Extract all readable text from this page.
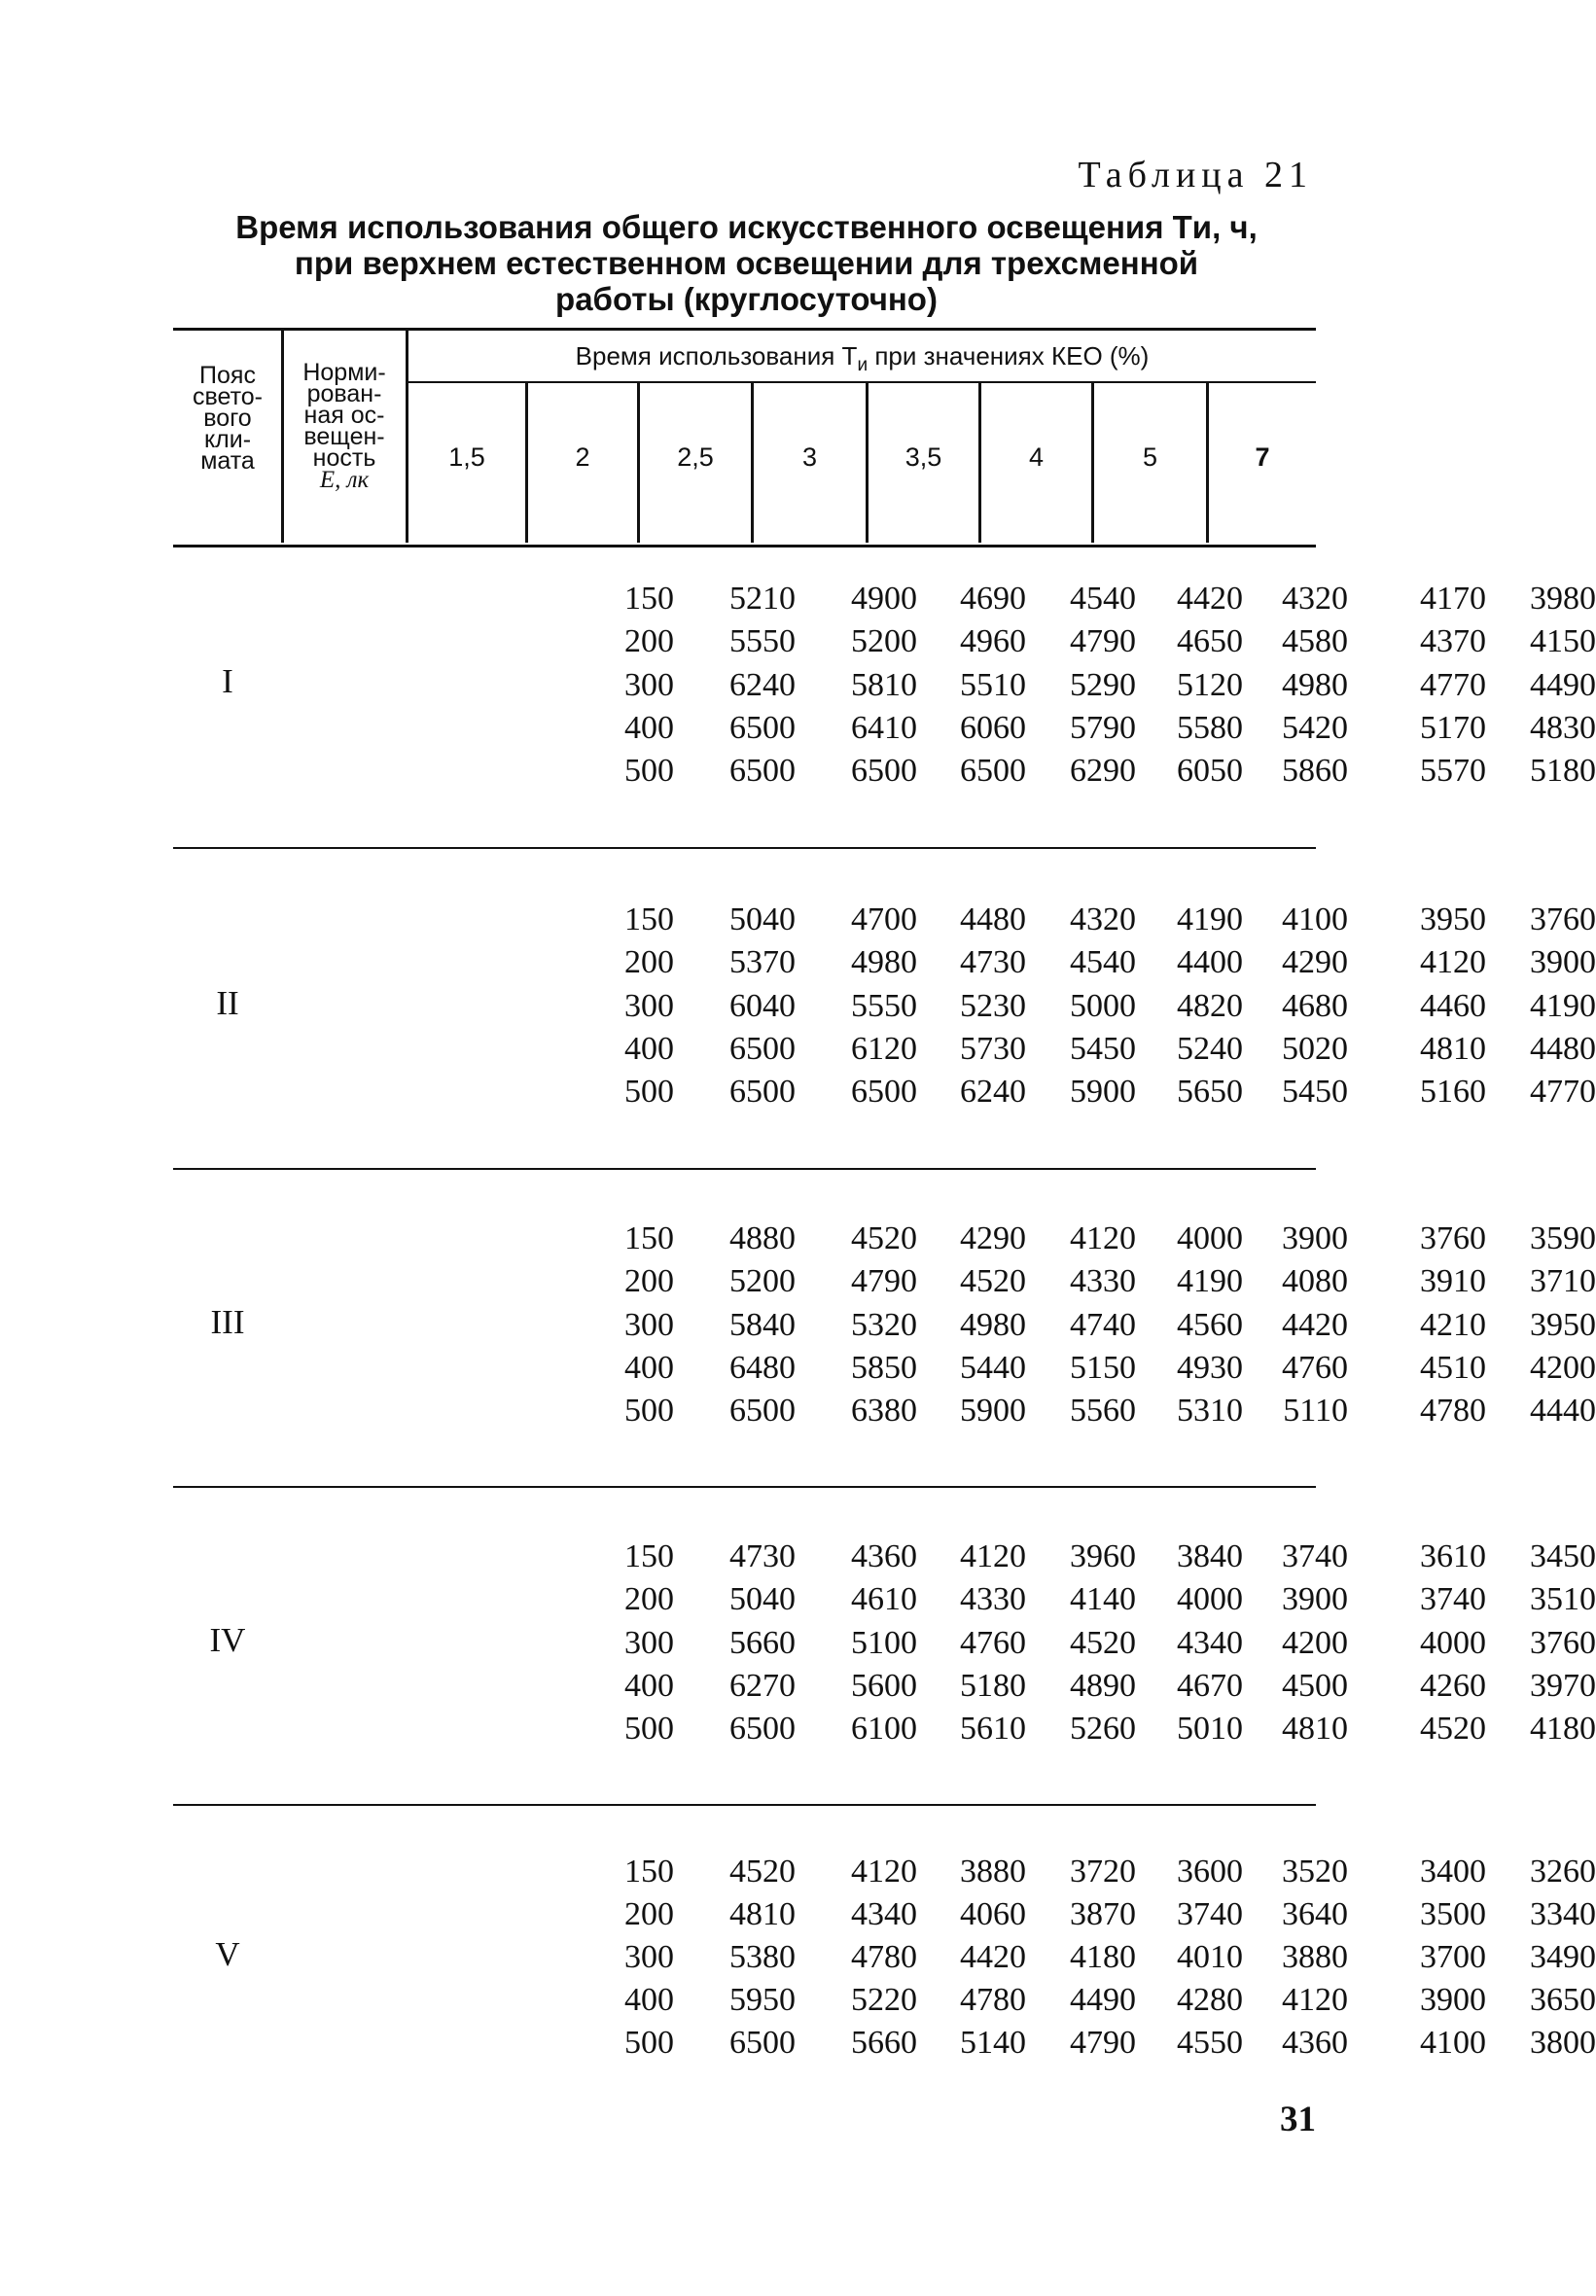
Таблица 21
Время использования общего искусственного освещения Tи, ч,
при верхнем естественном освещении для трехсменной
работы (круглосуточно)
Пояс
свето-
вого
кли-
мата
Норми-
рован-
ная ос-
вещен-
ность
E, лк
Время использования $T_и$ при значениях КЕО (%)
1,5	2	2,5	3	3,5	4	5	7
I
150 5210 4900 4690 4540 4420 4320 4170 3980
200 5550 5200 4960 4790 4650 4580 4370 4150
300 6240 5810 5510 5290 5120 4980 4770 4490
400 6500 6410 6060 5790 5580 5420 5170 4830
500 6500 6500 6500 6290 6050 5860 5570 5180
II
150 5040 4700 4480 4320 4190 4100 3950 3760
200 5370 4980 4730 4540 4400 4290 4120 3900
300 6040 5550 5230 5000 4820 4680 4460 4190
400 6500 6120 5730 5450 5240 5020 4810 4480
500 6500 6500 6240 5900 5650 5450 5160 4770
III
150 4880 4520 4290 4120 4000 3900 3760 3590
200 5200 4790 4520 4330 4190 4080 3910 3710
300 5840 5320 4980 4740 4560 4420 4210 3950
400 6480 5850 5440 5150 4930 4760 4510 4200
500 6500 6380 5900 5560 5310 5110 4780 4440
IV
150 4730 4360 4120 3960 3840 3740 3610 3450
200 5040 4610 4330 4140 4000 3900 3740 3510
300 5660 5100 4760 4520 4340 4200 4000 3760
400 6270 5600 5180 4890 4670 4500 4260 3970
500 6500 6100 5610 5260 5010 4810 4520 4180
V
150 4520 4120 3880 3720 3600 3520 3400 3260
200 4810 4340 4060 3870 3740 3640 3500 3340
300 5380 4780 4420 4180 4010 3880 3700 3490
400 5950 5220 4780 4490 4280 4120 3900 3650
500 6500 5660 5140 4790 4550 4360 4100 3800
31
